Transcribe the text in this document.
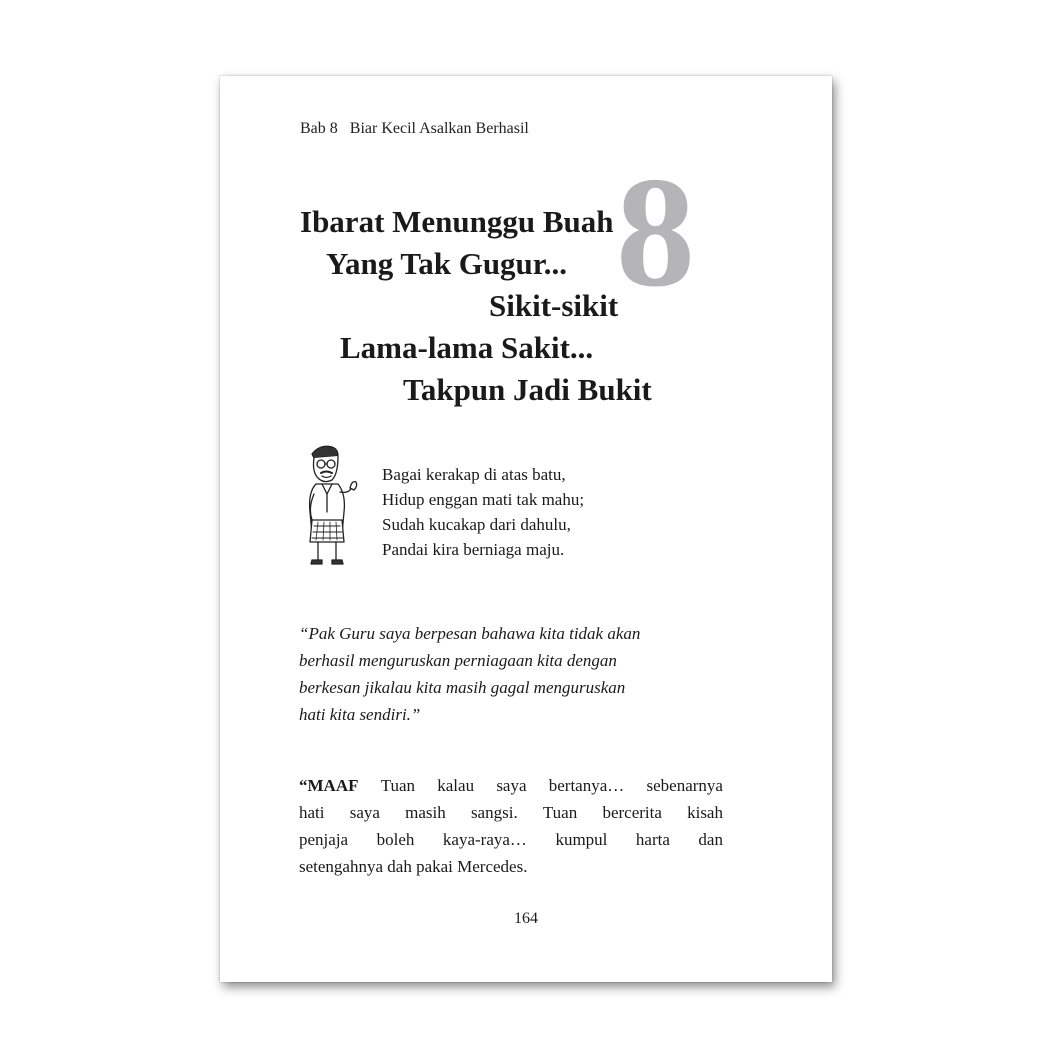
Bab 8 Biar Kecil Asalkan Berhasil
8
Ibarat Menunggu Buah
Yang Tak Gugur...
Sikit-sikit
Lama-lama Sakit...
Takpun Jadi Bukit
Bagai kerakap di atas batu,
Hidup enggan mati tak mahu;
Sudah kucakap dari dahulu,
Pandai kira berniaga maju.
“Pak Guru saya berpesan bahawa kita tidak akan
berhasil menguruskan perniagaan kita dengan
berkesan jikalau kita masih gagal menguruskan
hati kita sendiri.”
“MAAF Tuan kalau saya bertanya… sebenarnya
hati saya masih sangsi. Tuan bercerita kisah
penjaja boleh kaya-raya… kumpul harta dan
setengahnya dah pakai Mercedes.
164
